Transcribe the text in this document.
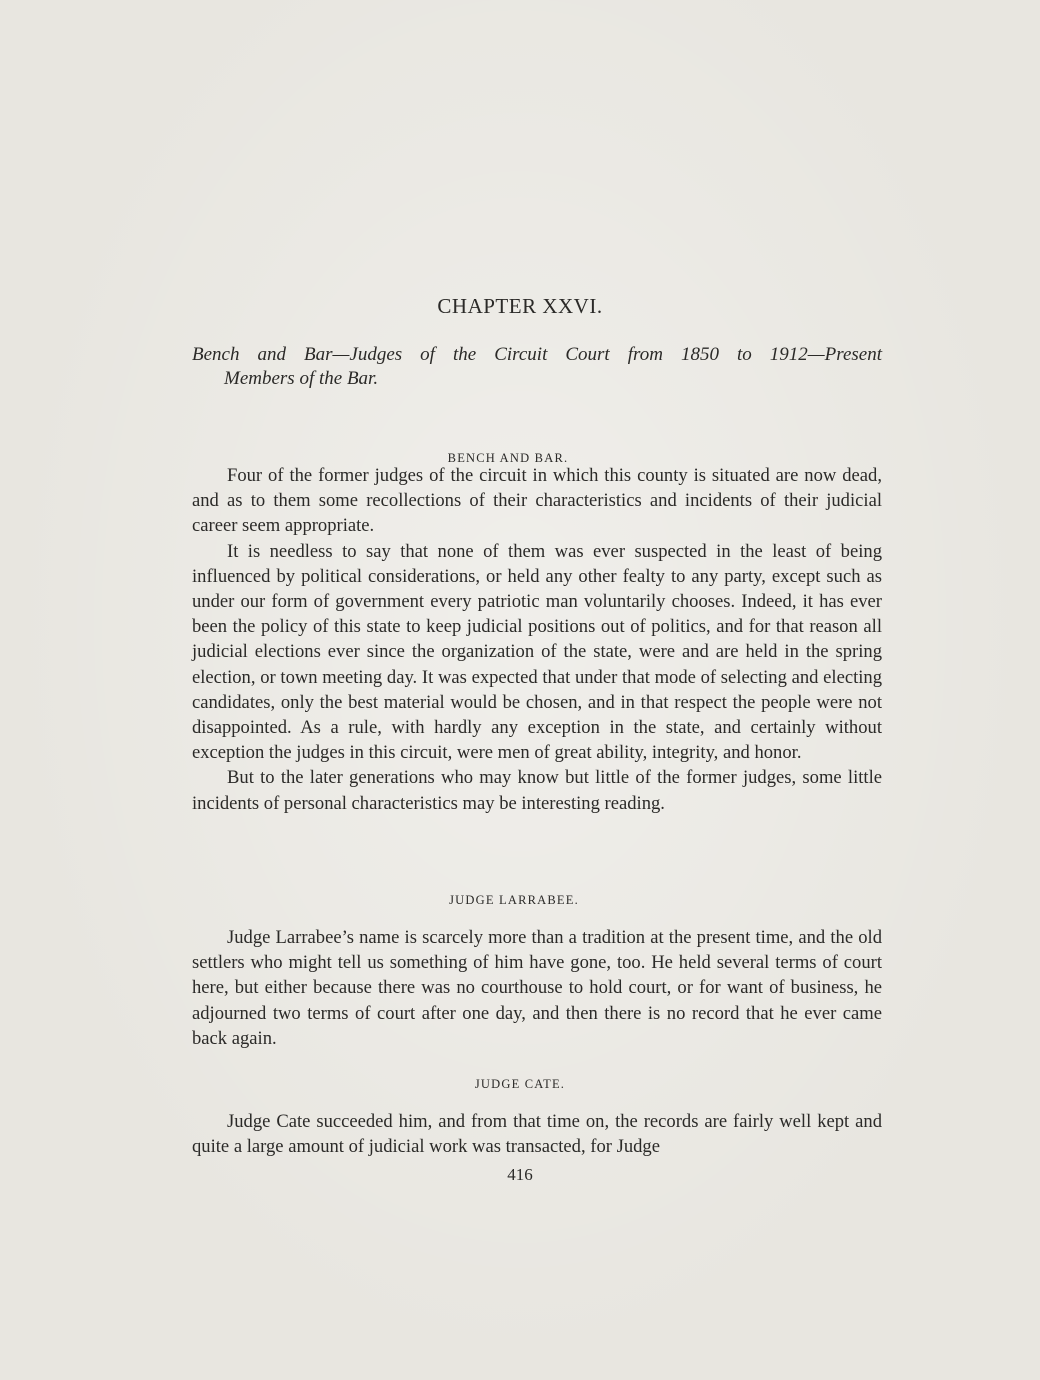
CHAPTER XXVI.
Bench and Bar—Judges of the Circuit Court from 1850 to 1912—Present
Members of the Bar.
BENCH AND BAR.

Four of the former judges of the circuit in which this county is situated are now dead, and as to them some recollections of their characteristics and incidents of their judicial career seem appropriate.

It is needless to say that none of them was ever suspected in the least of being influenced by political considerations, or held any other fealty to any party, except such as under our form of government every patriotic man voluntarily chooses. Indeed, it has ever been the policy of this state to keep judicial positions out of politics, and for that reason all judicial elections ever since the organization of the state, were and are held in the spring election, or town meeting day. It was expected that under that mode of selecting and electing candidates, only the best material would be chosen, and in that respect the people were not disappointed. As a rule, with hardly any exception in the state, and certainly without exception the judges in this circuit, were men of great ability, integrity, and honor.

But to the later generations who may know but little of the former judges, some little incidents of personal characteristics may be interesting reading.

JUDGE LARRABEE.

Judge Larrabee’s name is scarcely more than a tradition at the present time, and the old settlers who might tell us something of him have gone, too. He held several terms of court here, but either because there was no courthouse to hold court, or for want of business, he adjourned two terms of court after one day, and then there is no record that he ever came back again.

JUDGE CATE.

Judge Cate succeeded him, and from that time on, the records are fairly well kept and quite a large amount of judicial work was transacted, for Judge

416
